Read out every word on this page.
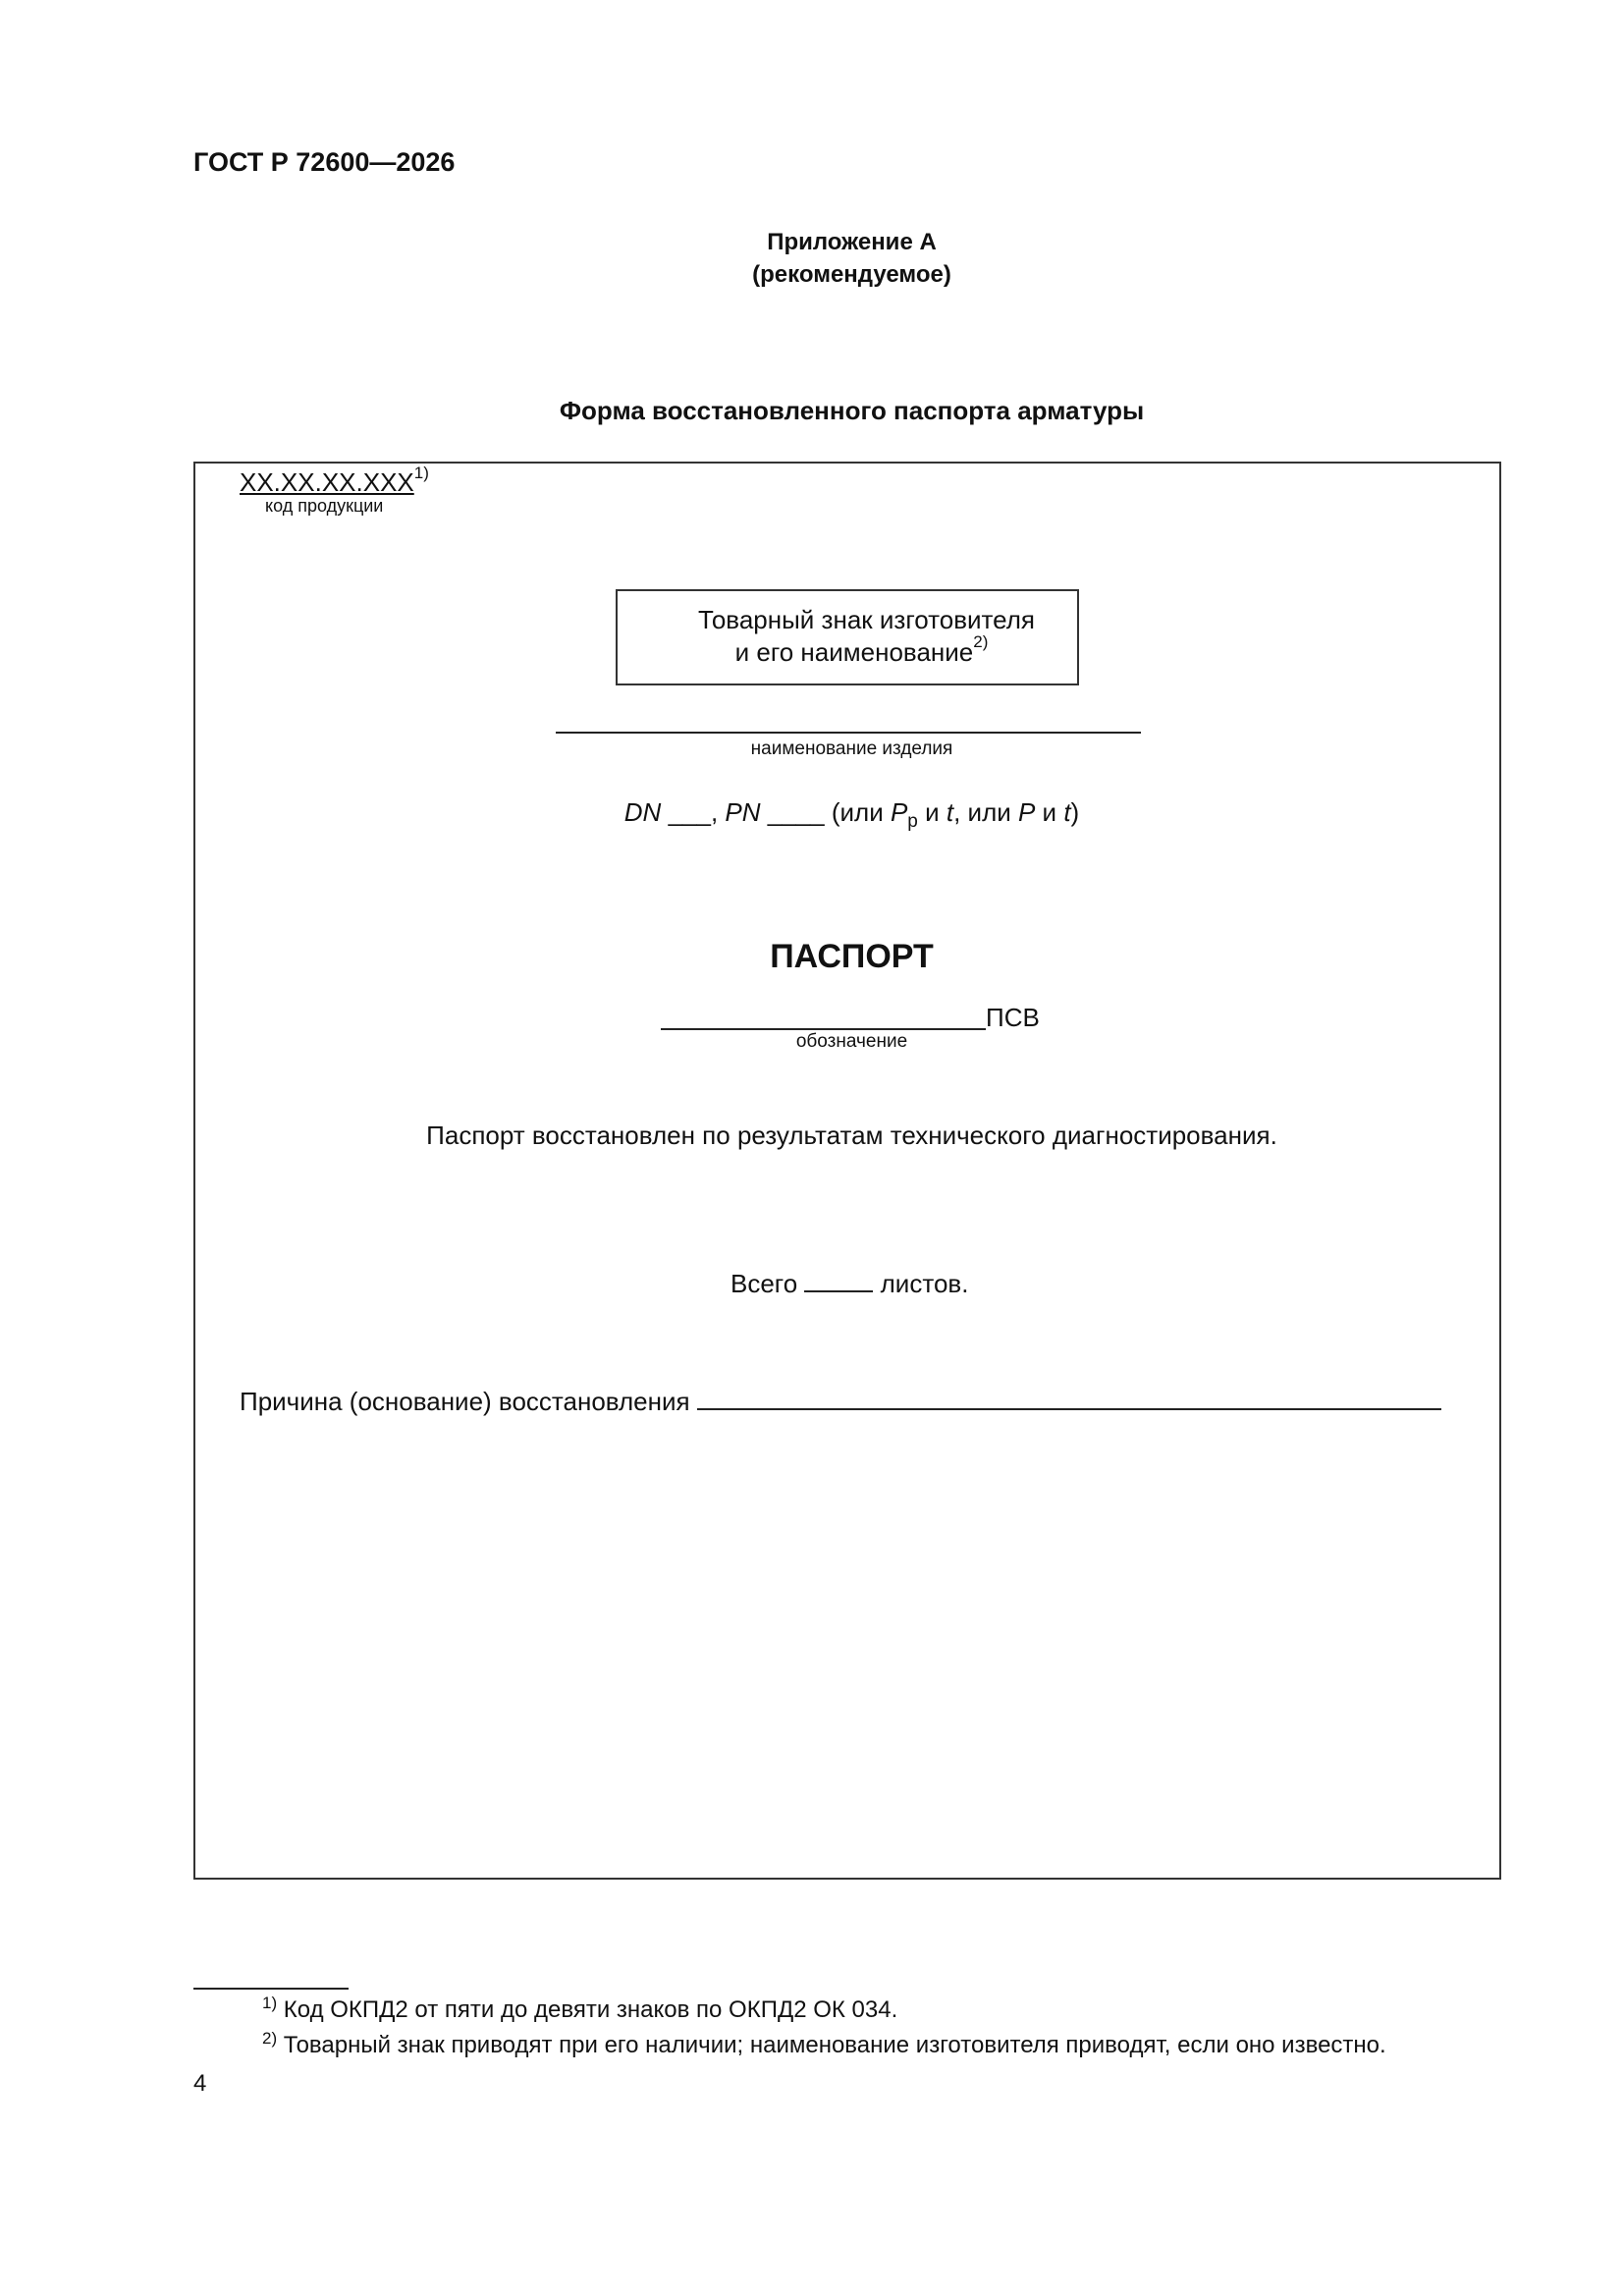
ГОСТ Р 72600—2026
Приложение А
(рекомендуемое)
Форма восстановленного паспорта арматуры
ХХ.ХХ.ХХ.ХХХ$^{1)}$
код продукции
Товарный знак изготовителя
и его наименование$^{2)}$
наименование изделия
DN ___, PN ____ (или $P_р$ и t, или P и t)
ПАСПОРТ
ПСВ
обозначение
Паспорт восстановлен по результатам технического диагностирования.
Всего	листов.
Причина (основание) восстановления
$^{1)}$ Код ОКПД2 от пяти до девяти знаков по ОКПД2 ОК 034.
$^{2)}$ Товарный знак приводят при его наличии; наименование изготовителя приводят, если оно известно.
4
